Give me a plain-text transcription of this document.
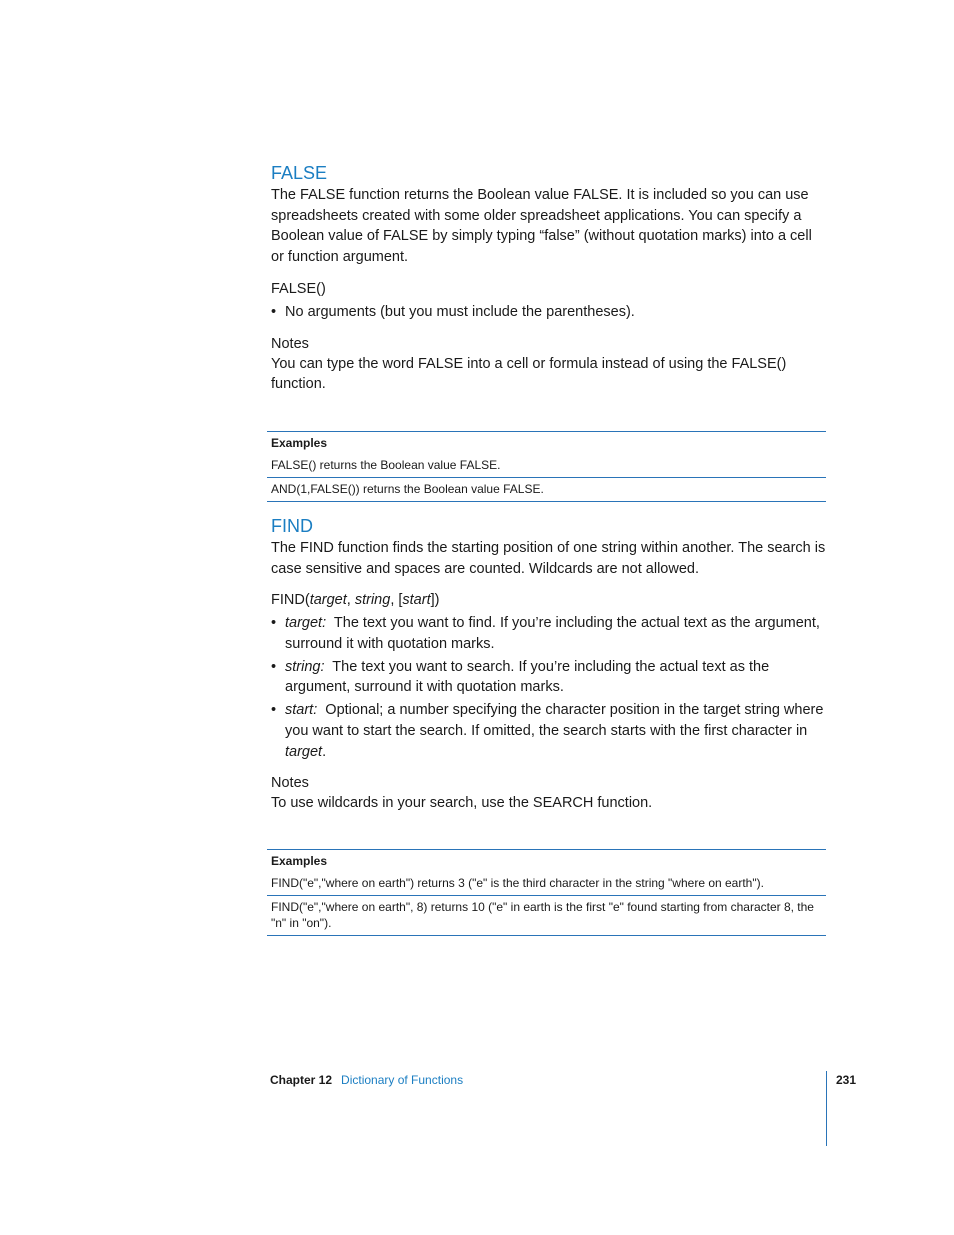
FALSE

The FALSE function returns the Boolean value FALSE. It is included so you can use spreadsheets created with some older spreadsheet applications. You can specify a Boolean value of FALSE by simply typing “false” (without quotation marks) into a cell or function argument.

FALSE()
• No arguments (but you must include the parentheses).
Notes

You can type the word FALSE into a cell or formula instead of using the FALSE() function.

Examples
FALSE() returns the Boolean value FALSE.
AND(1,FALSE()) returns the Boolean value FALSE.
FIND

The FIND function finds the starting position of one string within another. The search is case sensitive and spaces are counted. Wildcards are not allowed.

FIND(target, string, [start])
• target: The text you want to find. If you’re including the actual text as the argument, surround it with quotation marks.
• string: The text you want to search. If you’re including the actual text as the argument, surround it with quotation marks.
• start: Optional; a number specifying the character position in the target string where you want to start the search. If omitted, the search starts with the first character in target.
Notes

To use wildcards in your search, use the SEARCH function.

Examples
FIND("e","where on earth") returns 3 ("e" is the third character in the string "where on earth").
FIND("e","where on earth", 8) returns 10 ("e" in earth is the first "e" found starting from character 8, the "n" in "on").
Chapter 12 Dictionary of Functions	231
